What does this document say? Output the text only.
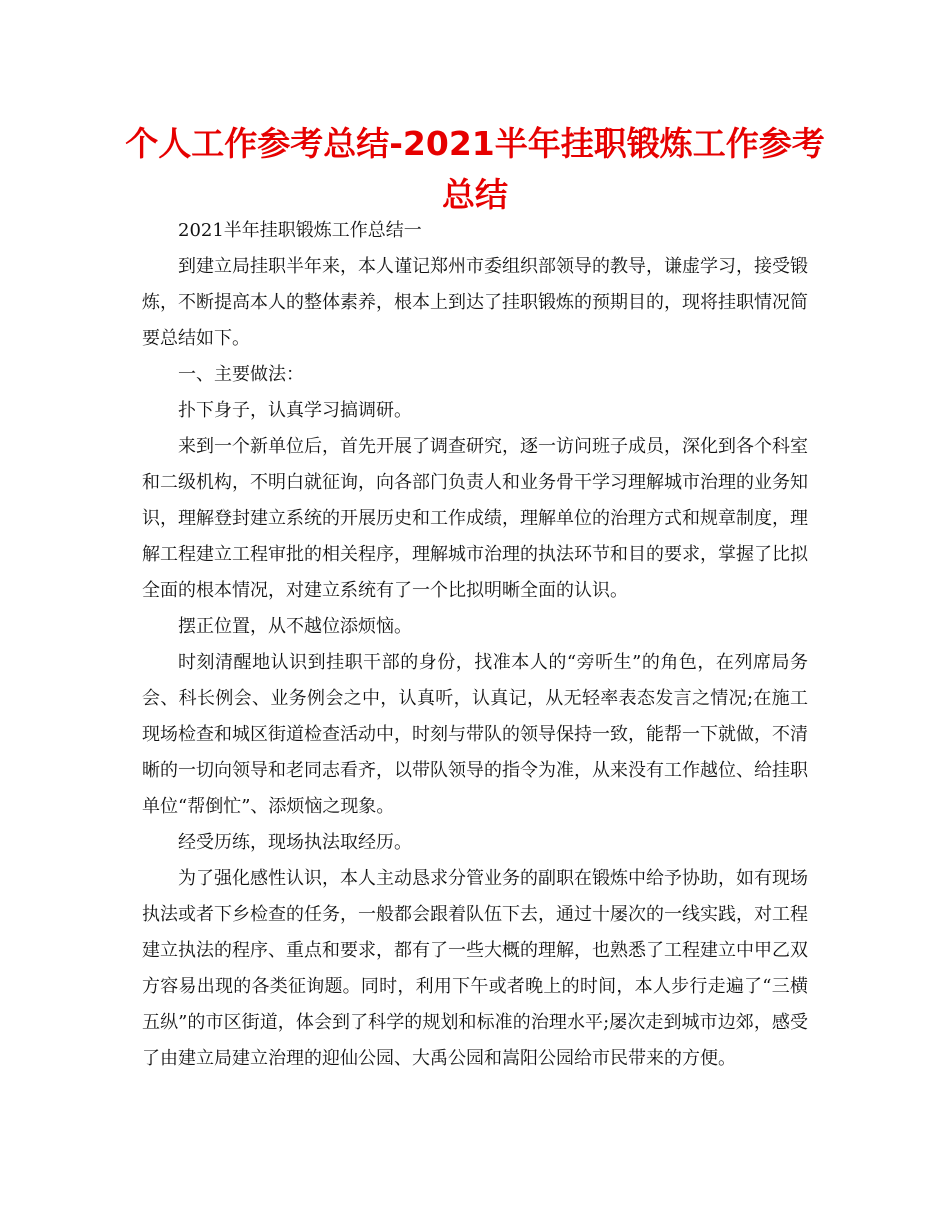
个人工作参考总结-2021半年挂职锻炼工作参考总结

2021半年挂职锻炼工作总结一

到建立局挂职半年来，本人谨记郑州市委组织部领导的教导，谦虚学习，接受锻炼，不断提高本人的整体素养，根本上到达了挂职锻炼的预期目的，现将挂职情况简要总结如下。

一、主要做法：

扑下身子，认真学习搞调研。

来到一个新单位后，首先开展了调查研究，逐一访问班子成员，深化到各个科室和二级机构，不明白就征询，向各部门负责人和业务骨干学习理解城市治理的业务知识，理解登封建立系统的开展历史和工作成绩，理解单位的治理方式和规章制度，理解工程建立工程审批的相关程序，理解城市治理的执法环节和目的要求，掌握了比拟全面的根本情况，对建立系统有了一个比拟明晰全面的认识。

摆正位置，从不越位添烦恼。

时刻清醒地认识到挂职干部的身份，找准本人的“旁听生”的角色，在列席局务会、科长例会、业务例会之中，认真听，认真记，从无轻率表态发言之情况;在施工现场检查和城区街道检查活动中，时刻与带队的领导保持一致，能帮一下就做，不清晰的一切向领导和老同志看齐，以带队领导的指令为准，从来没有工作越位、给挂职单位“帮倒忙”、添烦恼之现象。

经受历练，现场执法取经历。

为了强化感性认识，本人主动恳求分管业务的副职在锻炼中给予协助，如有现场执法或者下乡检查的任务，一般都会跟着队伍下去，通过十屡次的一线实践，对工程建立执法的程序、重点和要求，都有了一些大概的理解，也熟悉了工程建立中甲乙双方容易出现的各类征询题。同时，利用下午或者晚上的时间，本人步行走遍了“三横五纵”的市区街道，体会到了科学的规划和标准的治理水平;屡次走到城市边郊，感受了由建立局建立治理的迎仙公园、大禹公园和嵩阳公园给市民带来的方便。
